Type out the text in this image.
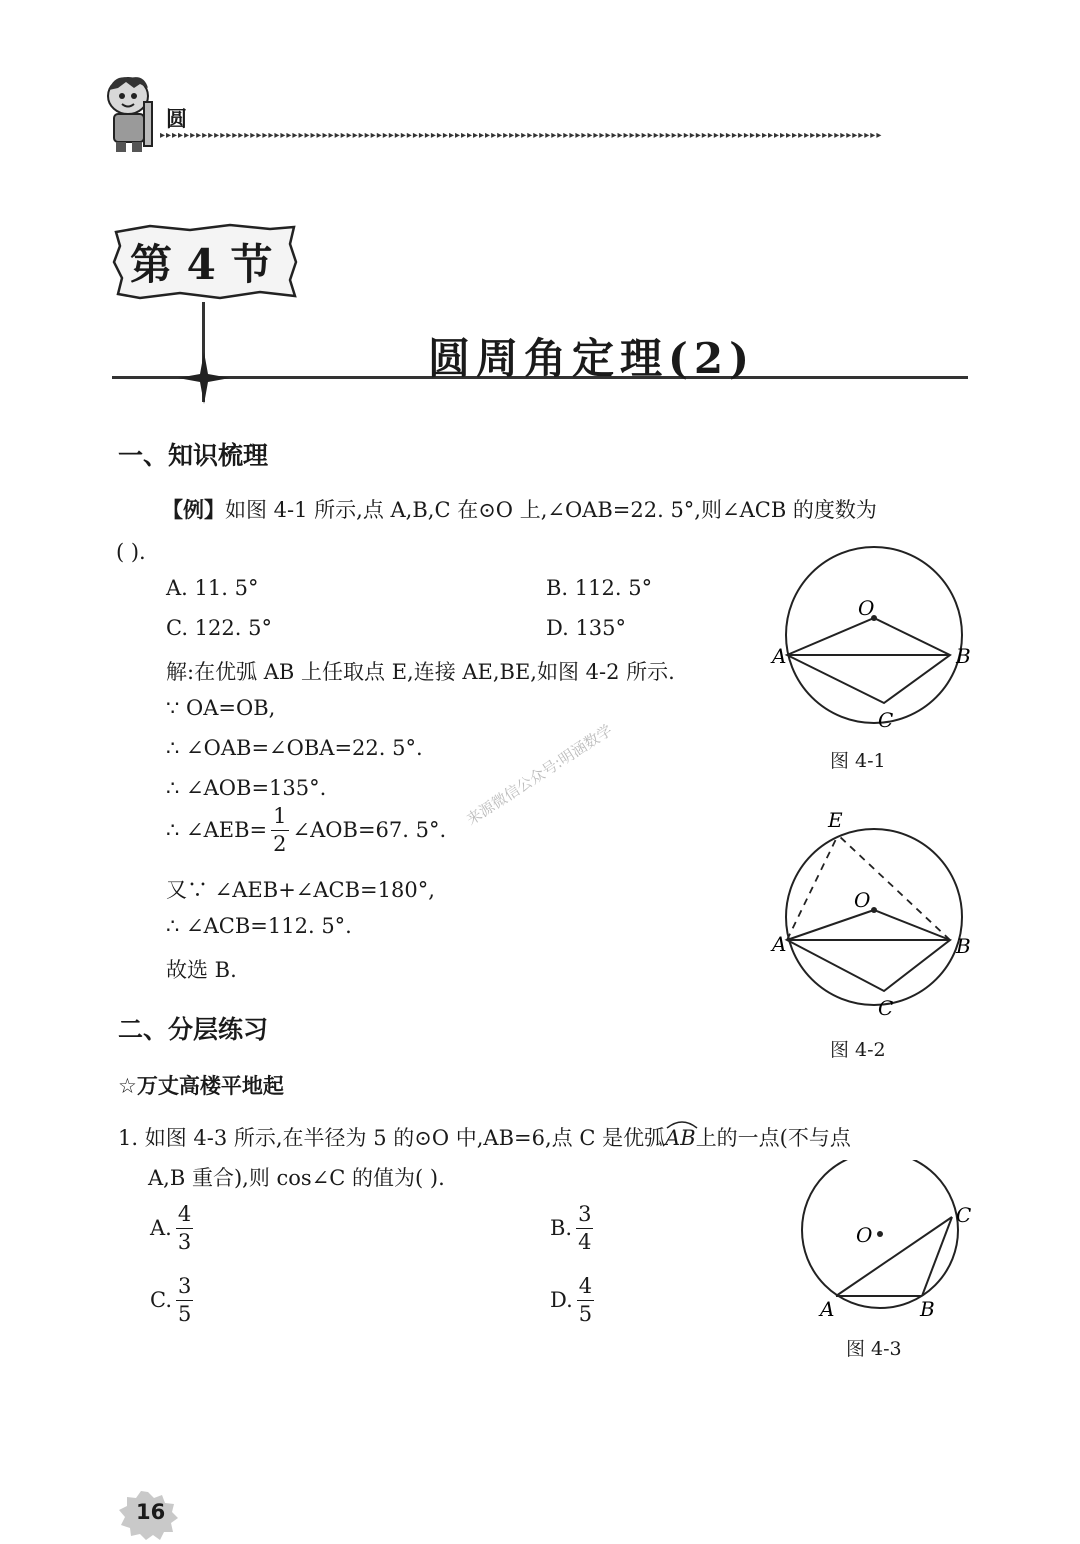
圆
▸▸▸▸▸▸▸▸▸▸▸▸▸▸▸▸▸▸▸▸▸▸▸▸▸▸▸▸▸▸▸▸▸▸▸▸▸▸▸▸▸▸▸▸▸▸▸▸▸▸▸▸▸▸▸▸▸▸▸▸▸▸▸▸▸▸▸▸▸▸▸▸▸▸▸▸▸▸▸▸▸▸▸▸▸▸▸▸▸▸▸▸▸▸▸▸▸▸▸▸▸▸▸▸▸▸▸▸▸▸▸▸▸▸▸▸▸▸▸▸
第 4 节
圆周角定理(2)
一、知识梳理
【例】如图 4-1 所示,点 A,B,C 在⊙O 上,∠OAB=22. 5°,则∠ACB 的度数为
( ).
A. 11. 5°	B. 112. 5°
C. 122. 5°	D. 135°
解:在优弧 AB 上任取点 E,连接 AE,BE,如图 4-2 所示.
∵ OA=OB,
∴ ∠OAB=∠OBA=22. 5°.
∴ ∠AOB=135°.
∴ ∠AEB= $\frac{1}{2}$ ∠AOB=67. 5°.
又∵ ∠AEB+∠ACB=180°,
∴ ∠ACB=112. 5°.
故选 B.
来源微信公众号:明涵数学
O
A	B
C
图 4-1
E
O
A	B
C
图 4-2
二、分层练习
☆万丈高楼平地起
1. 如图 4-3 所示,在半径为 5 的⊙O 中,AB=6,点 C 是优弧AB
上的一点(不与点
A,B 重合),则 cos∠C 的值为( ).
A. $\frac{4}{3}$	B. $\frac{3}{4}$
C. $\frac{3}{5}$	D. $\frac{4}{5}$
O
C
A	B
图 4-3
16
